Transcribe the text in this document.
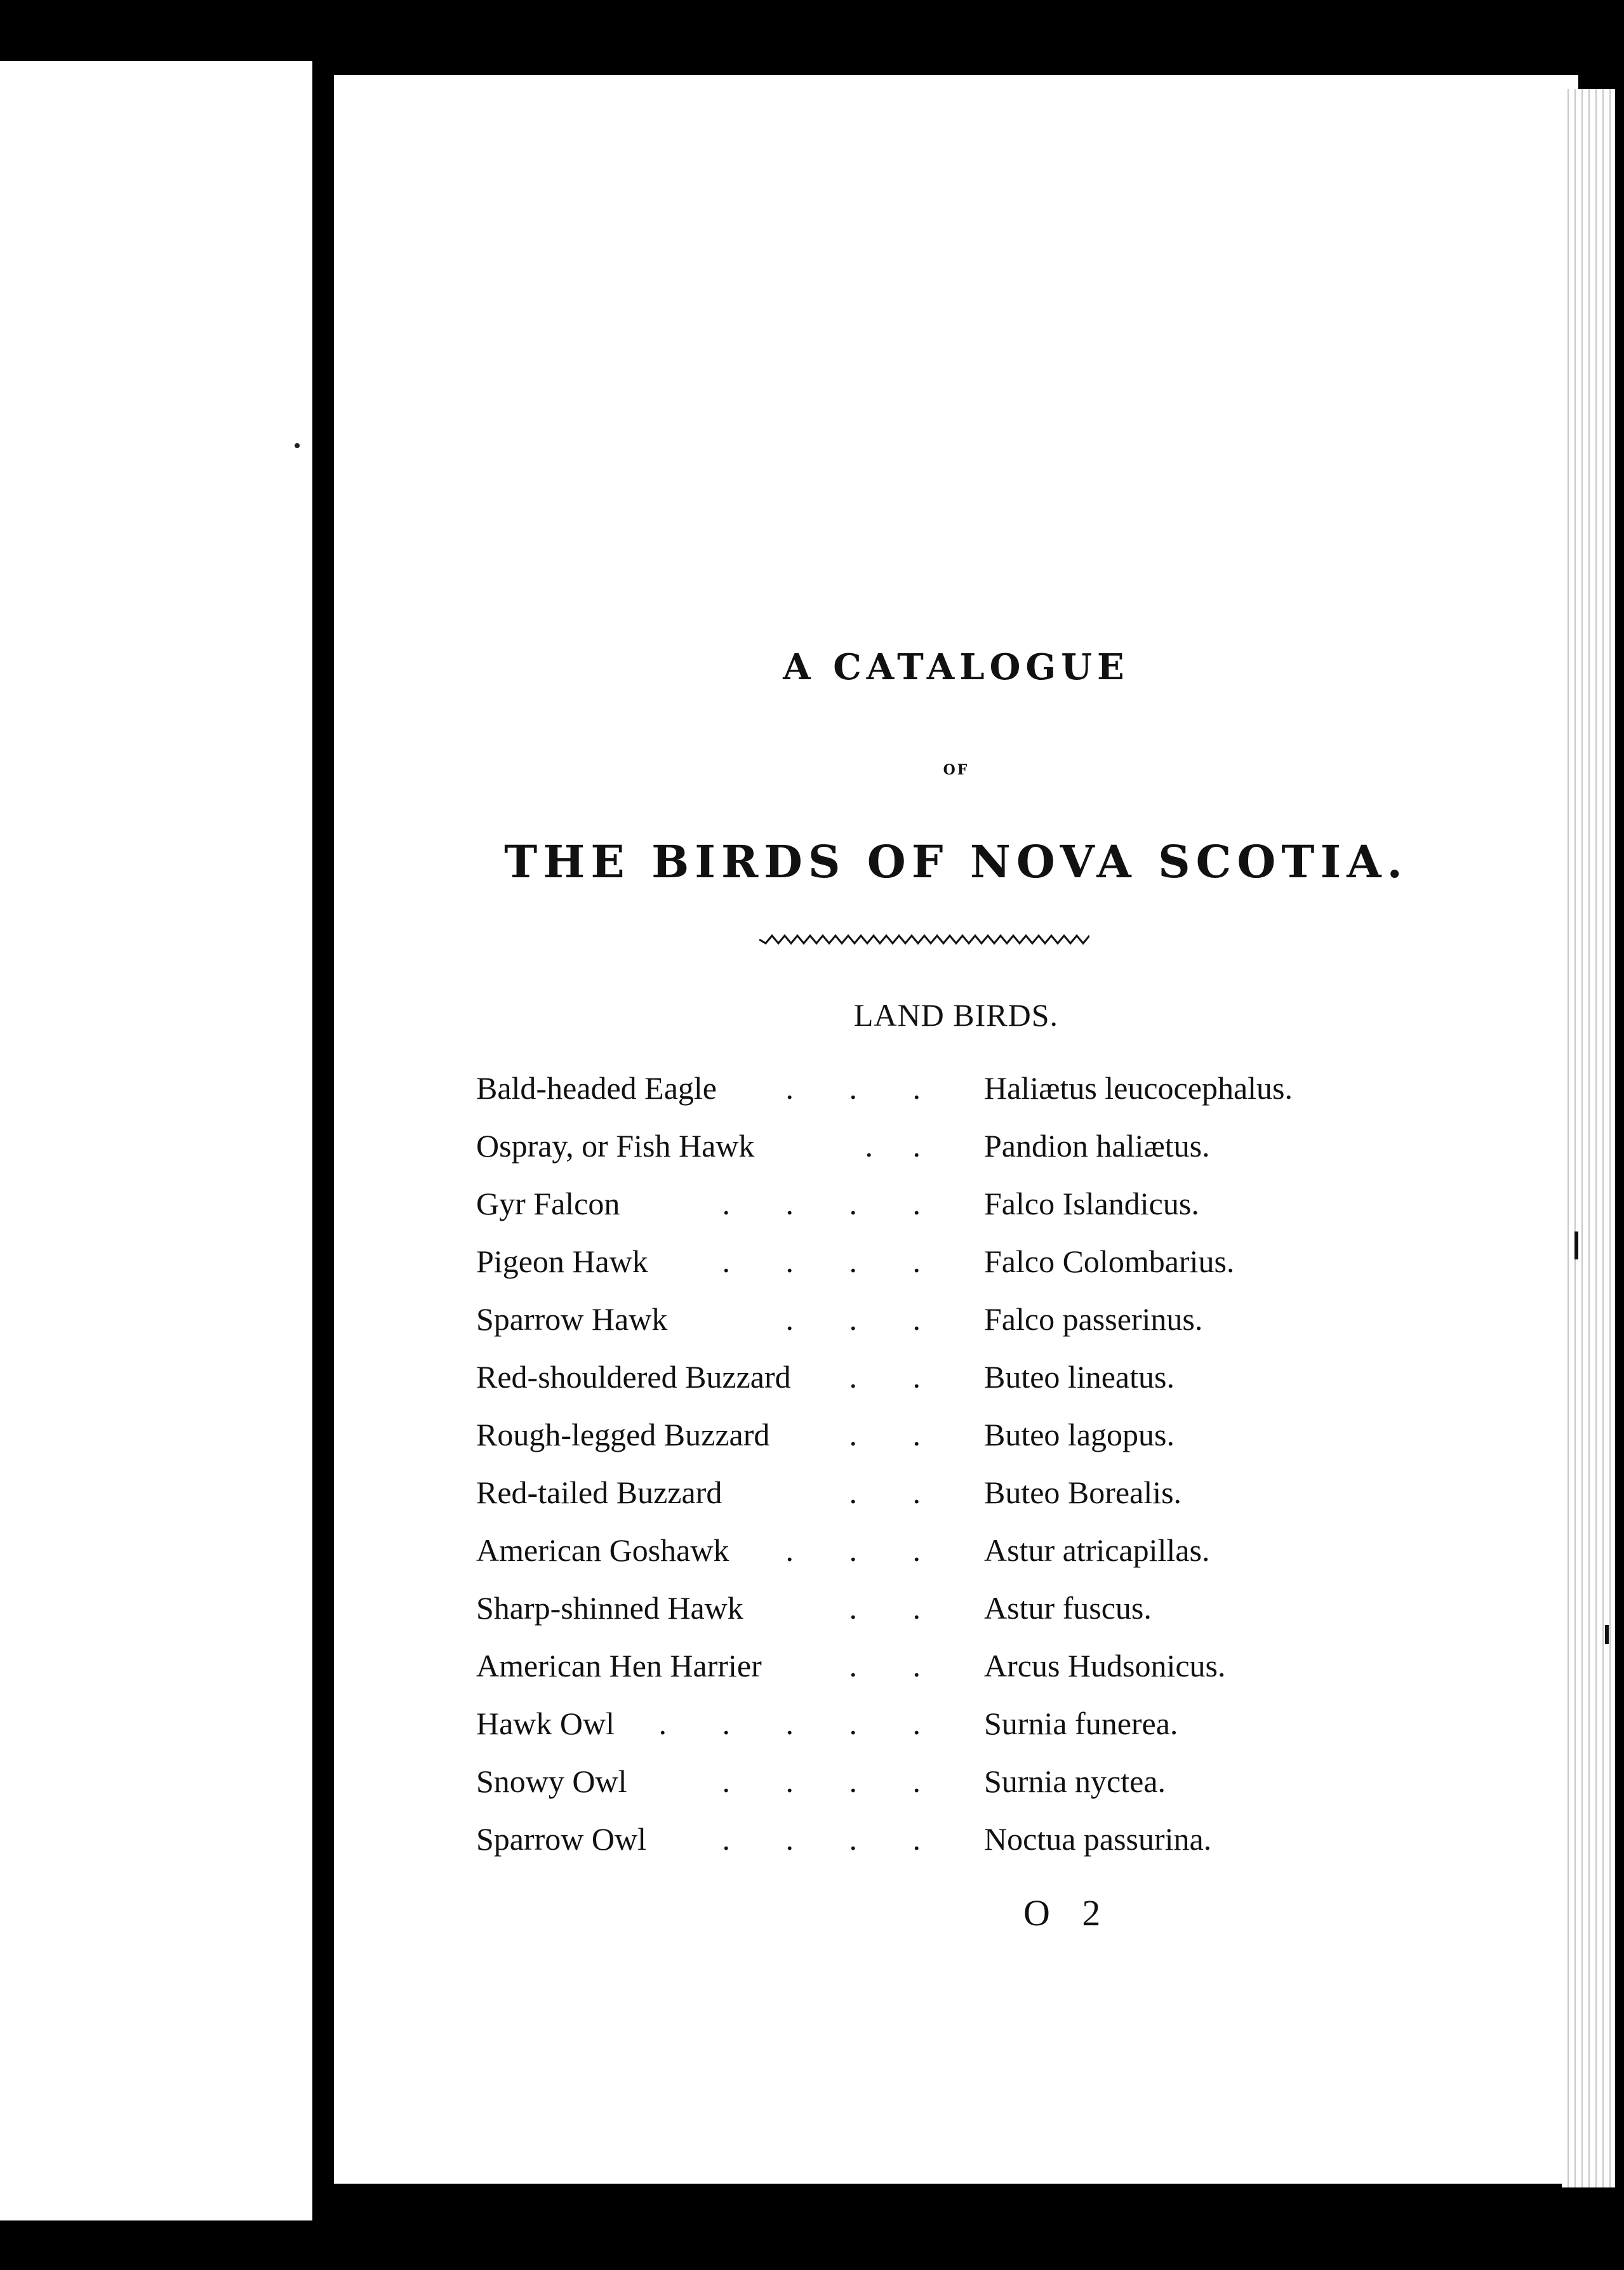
A CATALOGUE
OF
THE BIRDS OF NOVA SCOTIA.
LAND BIRDS.
Bald-headed Eagle .       .       . Haliætus leucocephalus.
Ospray, or Fish Hawk	.     . Pandion haliætus.
Gyr Falcon	.       .       .       . Falco Islandicus.
Pigeon Hawk .       .       .       . Falco Colombarius.
Sparrow Hawk	.       .       . Falco passerinus.
Red-shouldered Buzzard .       . Buteo lineatus.
Rough-legged Buzzard	.       . Buteo lagopus.
Red-tailed Buzzard	.       . Buteo Borealis.
American Goshawk .       .       . Astur atricapillas.
Sharp-shinned Hawk	.       . Astur fuscus.
American Hen Harrier	.       . Arcus Hudsonicus.
Hawk Owl .       .       .       .       . Surnia funerea.
Snowy Owl	.       .       .       . Surnia nyctea.
Sparrow Owl .       .       .       . Noctua passurina.
O 2
